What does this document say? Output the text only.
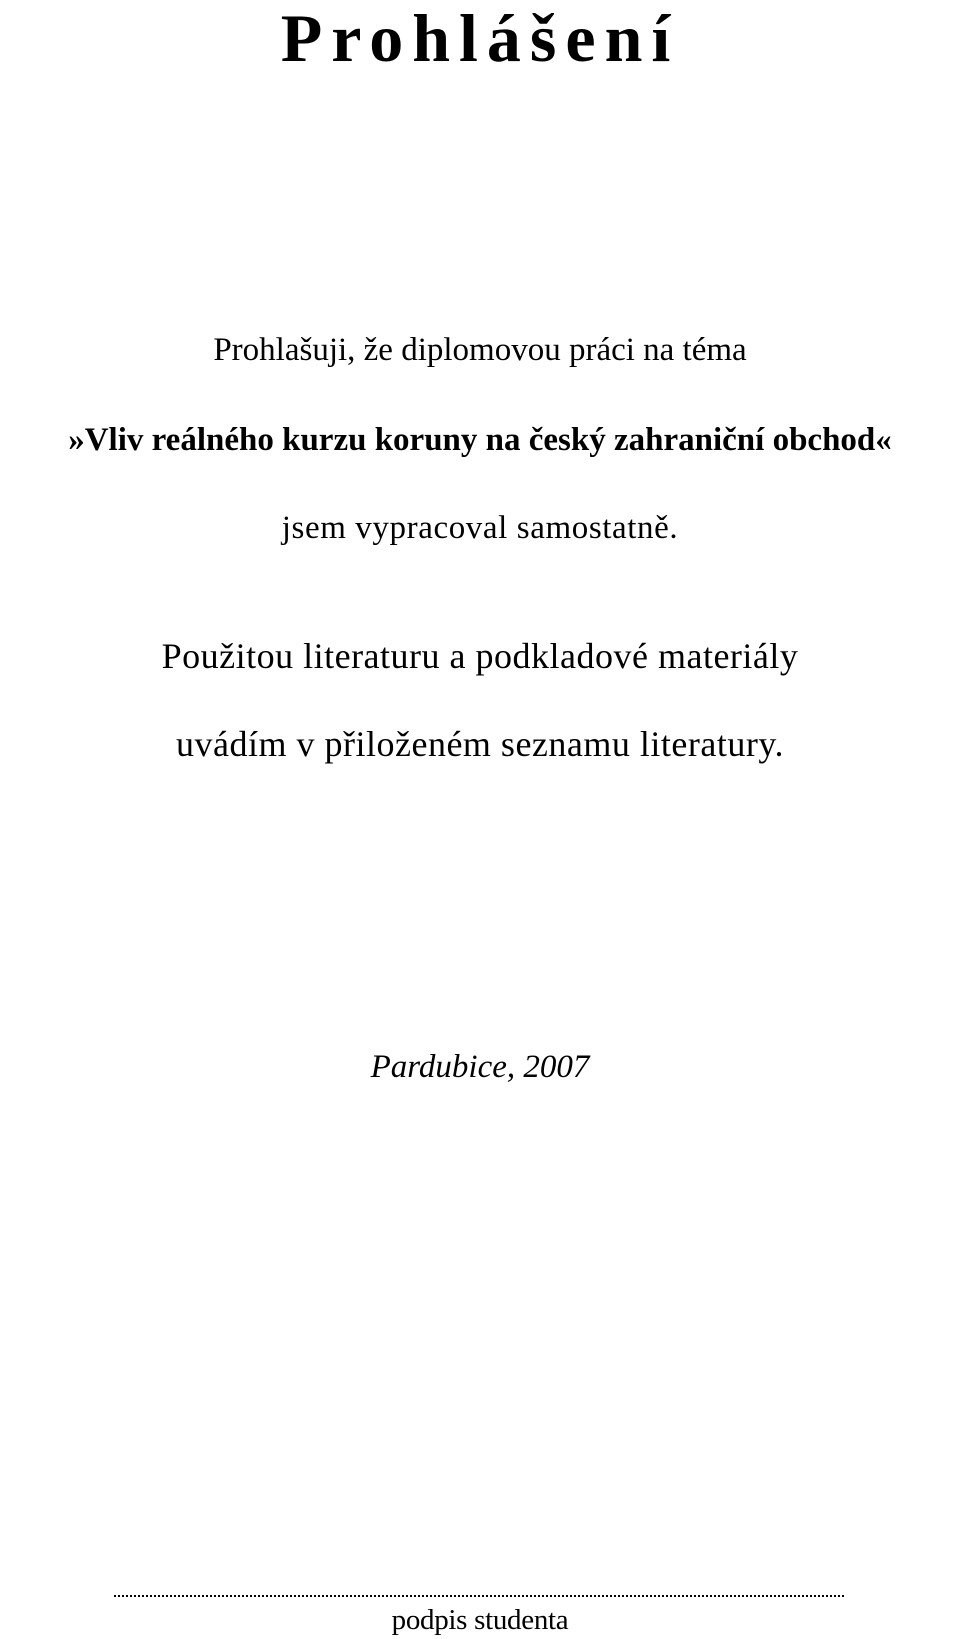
Prohlášení
Prohlašuji, že diplomovou práci na téma
»Vliv reálného kurzu koruny na český zahraniční obchod«
jsem vypracoval samostatně.
Použitou literaturu a podkladové materiály
uvádím v přiloženém seznamu literatury.
Pardubice, 2007
podpis studenta
